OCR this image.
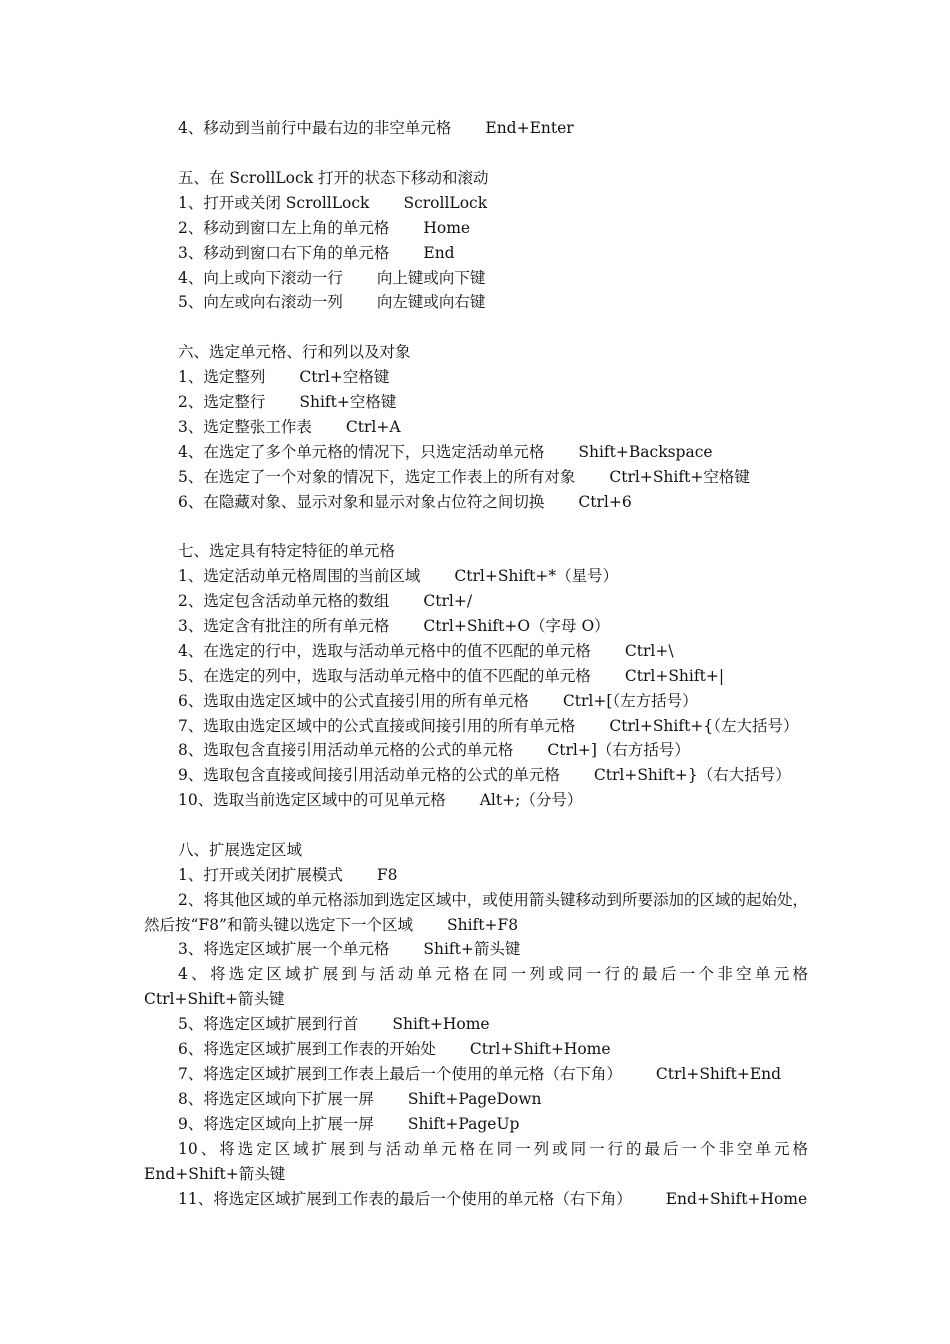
4、移动到当前行中最右边的非空单元格 End+Enter
五、在 ScrollLock 打开的状态下移动和滚动
1、打开或关闭 ScrollLock ScrollLock
2、移动到窗口左上角的单元格 Home
3、移动到窗口右下角的单元格 End
4、向上或向下滚动一行 向上键或向下键
5、向左或向右滚动一列 向左键或向右键
六、选定单元格、行和列以及对象
1、选定整列 Ctrl+空格键
2、选定整行 Shift+空格键
3、选定整张工作表 Ctrl+A
4、在选定了多个单元格的情况下，只选定活动单元格 Shift+Backspace
5、在选定了一个对象的情况下，选定工作表上的所有对象 Ctrl+Shift+空格键
6、在隐藏对象、显示对象和显示对象占位符之间切换 Ctrl+6
七、选定具有特定特征的单元格
1、选定活动单元格周围的当前区域 Ctrl+Shift+*（星号）
2、选定包含活动单元格的数组 Ctrl+/
3、选定含有批注的所有单元格 Ctrl+Shift+O（字母 O）
4、在选定的行中，选取与活动单元格中的值不匹配的单元格 Ctrl+\
5、在选定的列中，选取与活动单元格中的值不匹配的单元格 Ctrl+Shift+|
6、选取由选定区域中的公式直接引用的所有单元格 Ctrl+[（左方括号）
7、选取由选定区域中的公式直接或间接引用的所有单元格 Ctrl+Shift+{（左大括号）
8、选取包含直接引用活动单元格的公式的单元格 Ctrl+]（右方括号）
9、选取包含直接或间接引用活动单元格的公式的单元格 Ctrl+Shift+}（右大括号）
10、选取当前选定区域中的可见单元格 Alt+;（分号）
八、扩展选定区域
1、打开或关闭扩展模式 F8
2、将其他区域的单元格添加到选定区域中，或使用箭头键移动到所要添加的区域的起始处，然后按“F8”和箭头键以选定下一个区域 Shift+F8
3、将选定区域扩展一个单元格 Shift+箭头键
4、将选定区域扩展到与活动单元格在同一列或同一行的最后一个非空单元格 Ctrl+Shift+箭头键
5、将选定区域扩展到行首 Shift+Home
6、将选定区域扩展到工作表的开始处 Ctrl+Shift+Home
7、将选定区域扩展到工作表上最后一个使用的单元格（右下角） Ctrl+Shift+End
8、将选定区域向下扩展一屏 Shift+PageDown
9、将选定区域向上扩展一屏 Shift+PageUp
10、将选定区域扩展到与活动单元格在同一列或同一行的最后一个非空单元格 End+Shift+箭头键
11、将选定区域扩展到工作表的最后一个使用的单元格（右下角） End+Shift+Home
